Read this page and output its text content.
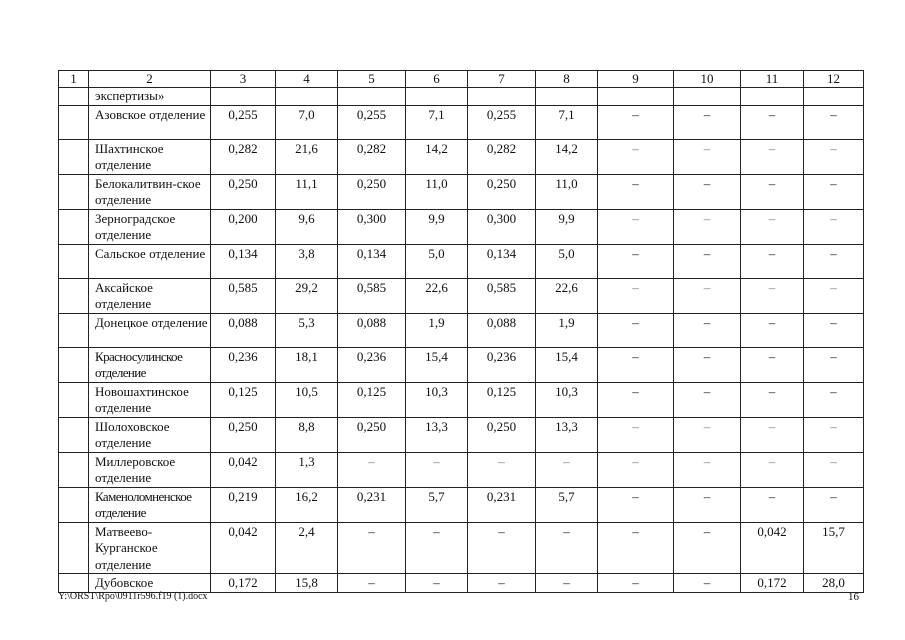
1	2	3	4	5	6	7	8	9	10	11	12
	экспертизы»										
	Азовское отделение	0,255	7,0	0,255	7,1	0,255	7,1	–	–	–	–
	Шахтинское отделение	0,282	21,6	0,282	14,2	0,282	14,2	–	–	–	–
	Белокалитвин-ское отделение	0,250	11,1	0,250	11,0	0,250	11,0	–	–	–	–
	Зерноградское отделение	0,200	9,6	0,300	9,9	0,300	9,9	–	–	–	–
	Сальское отделение	0,134	3,8	0,134	5,0	0,134	5,0	–	–	–	–
	Аксайское отделение	0,585	29,2	0,585	22,6	0,585	22,6	–	–	–	–
	Донецкое отделение	0,088	5,3	0,088	1,9	0,088	1,9	–	–	–	–
	Красносулинское отделение	0,236	18,1	0,236	15,4	0,236	15,4	–	–	–	–
	Новошахтинское отделение	0,125	10,5	0,125	10,3	0,125	10,3	–	–	–	–
	Шолоховское отделение	0,250	8,8	0,250	13,3	0,250	13,3	–	–	–	–
	Миллеровское отделение	0,042	1,3	–	–	–	–	–	–	–	–
	Каменоломненское отделение	0,219	16,2	0,231	5,7	0,231	5,7	–	–	–	–
	Матвеево-Курганское отделение	0,042	2,4	–	–	–	–	–	–	0,042	15,7
	Дубовское	0,172	15,8	–	–	–	–	–	–	0,172	28,0
Y:\ORST\Rpo\0911r596.f19 (1).docx	16
